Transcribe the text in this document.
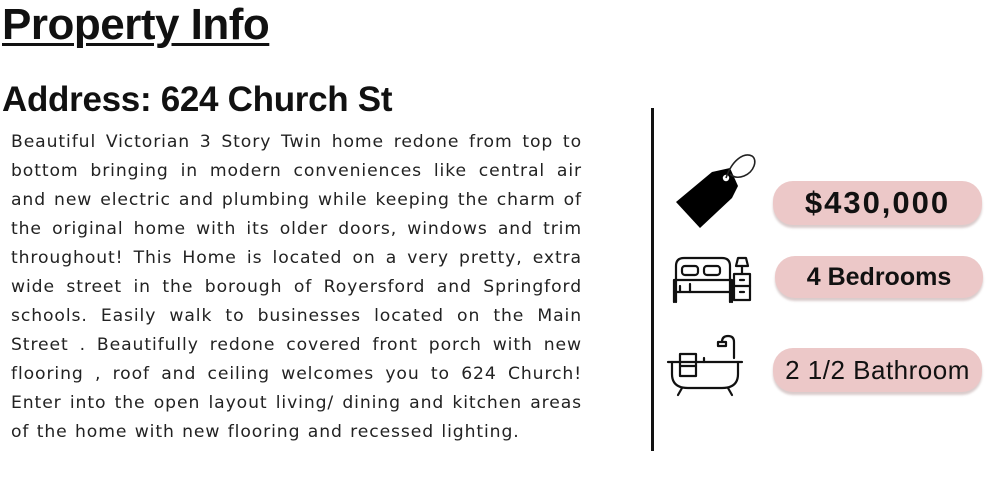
Property Info
Address: 624 Church St

Beautiful Victorian 3 Story Twin home redone from top to bottom bringing in modern conveniences like central air and new electric and plumbing while keeping the charm of the original home with its older doors, windows and trim throughout! This Home is located on a very pretty, extra wide street in the borough of Royersford and Springford schools. Easily walk to businesses located on the Main Street . Beautifully redone covered front porch with new flooring , roof and ceiling welcomes you to 624 Church! Enter into the open layout living/ dining and kitchen areas of the home with new flooring and recessed lighting.

$430,000
4 Bedrooms
2 1/2 Bathroom
